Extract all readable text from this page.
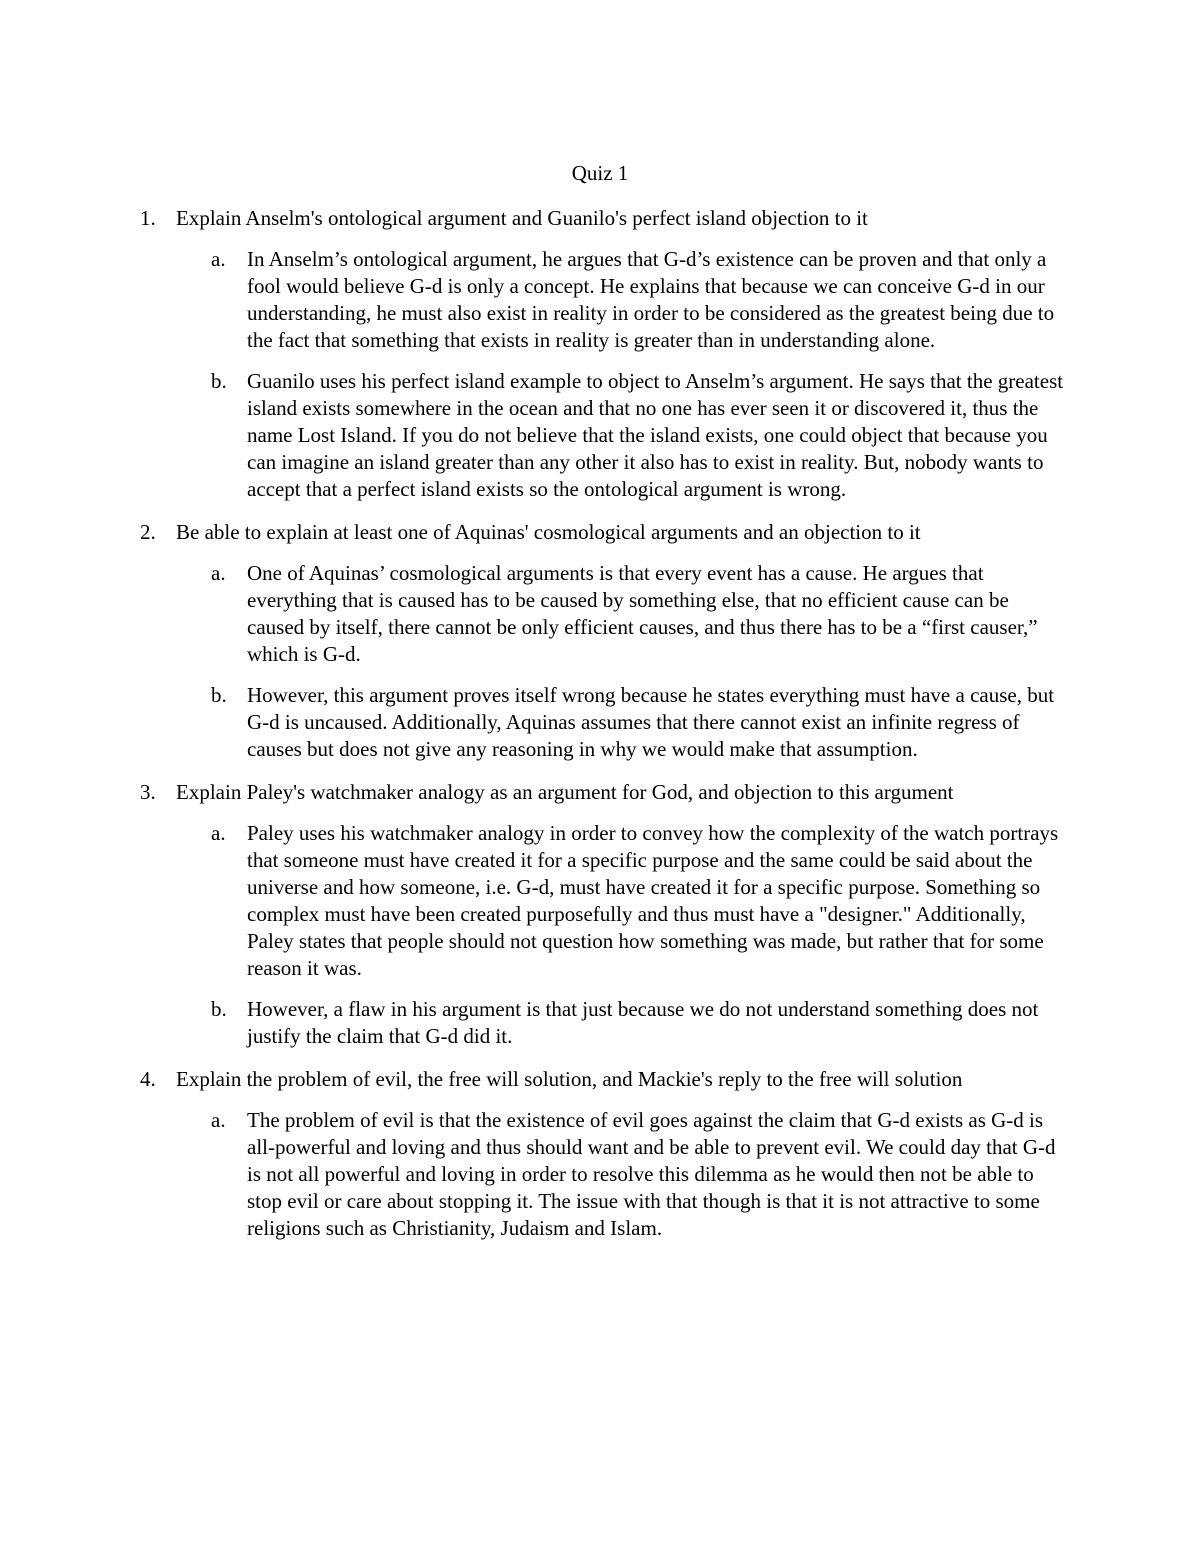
Quiz 1
1. Explain Anselm's ontological argument and Guanilo's perfect island objection to it
a. In Anselm’s ontological argument, he argues that G-d’s existence can be proven and that only a fool would believe G-d is only a concept. He explains that because we can conceive G-d in our understanding, he must also exist in reality in order to be considered as the greatest being due to the fact that something that exists in reality is greater than in understanding alone.
b. Guanilo uses his perfect island example to object to Anselm’s argument. He says that the greatest island exists somewhere in the ocean and that no one has ever seen it or discovered it, thus the name Lost Island. If you do not believe that the island exists, one could object that because you can imagine an island greater than any other it also has to exist in reality. But, nobody wants to accept that a perfect island exists so the ontological argument is wrong.
2. Be able to explain at least one of Aquinas' cosmological arguments and an objection to it
a. One of Aquinas’ cosmological arguments is that every event has a cause. He argues that everything that is caused has to be caused by something else, that no efficient cause can be caused by itself, there cannot be only efficient causes, and thus there has to be a “first causer,” which is G-d.
b. However, this argument proves itself wrong because he states everything must have a cause, but G-d is uncaused. Additionally, Aquinas assumes that there cannot exist an infinite regress of causes but does not give any reasoning in why we would make that assumption.
3. Explain Paley's watchmaker analogy as an argument for God, and objection to this argument
a. Paley uses his watchmaker analogy in order to convey how the complexity of the watch portrays that someone must have created it for a specific purpose and the same could be said about the universe and how someone, i.e. G-d, must have created it for a specific purpose. Something so complex must have been created purposefully and thus must have a "designer." Additionally, Paley states that people should not question how something was made, but rather that for some reason it was.
b. However, a flaw in his argument is that just because we do not understand something does not justify the claim that G-d did it.
4. Explain the problem of evil, the free will solution, and Mackie's reply to the free will solution
a. The problem of evil is that the existence of evil goes against the claim that G-d exists as G-d is all-powerful and loving and thus should want and be able to prevent evil. We could day that G-d is not all powerful and loving in order to resolve this dilemma as he would then not be able to stop evil or care about stopping it. The issue with that though is that it is not attractive to some religions such as Christianity, Judaism and Islam.
